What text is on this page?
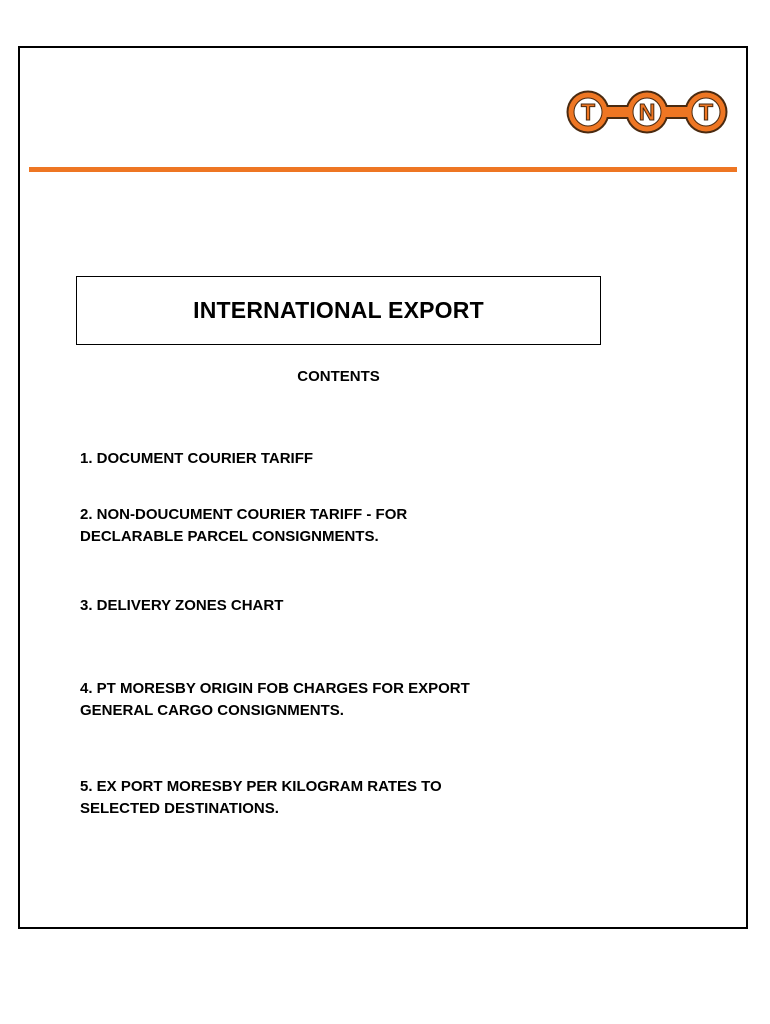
T N T
INTERNATIONAL EXPORT
CONTENTS
1. DOCUMENT COURIER TARIFF
2. NON-DOUCUMENT COURIER TARIFF - FOR
DECLARABLE PARCEL CONSIGNMENTS.
3. DELIVERY ZONES CHART
4. PT MORESBY ORIGIN FOB CHARGES FOR EXPORT
GENERAL CARGO CONSIGNMENTS.
5. EX PORT MORESBY PER KILOGRAM RATES TO
SELECTED DESTINATIONS.
